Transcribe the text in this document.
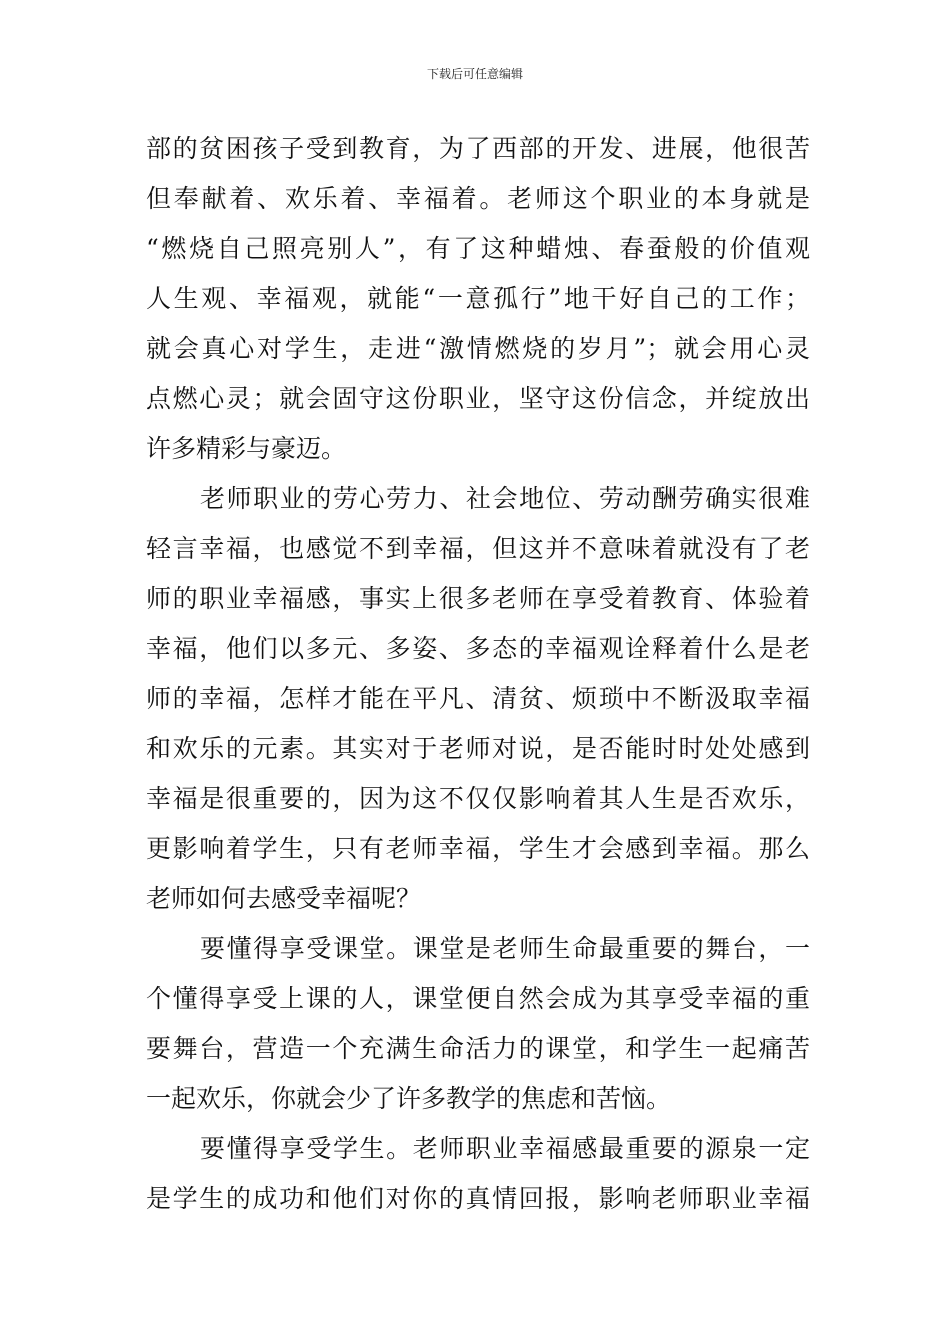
下载后可任意编辑
部的贫困孩子受到教育，为了西部的开发、进展，他很苦
但奉献着、欢乐着、幸福着。老师这个职业的本身就是
“燃烧自己照亮别人”，有了这种蜡烛、春蚕般的价值观
人生观、幸福观，就能“一意孤行”地干好自己的工作；
就会真心对学生，走进“激情燃烧的岁月”；就会用心灵
点燃心灵；就会固守这份职业，坚守这份信念，并绽放出
许多精彩与豪迈。
老师职业的劳心劳力、社会地位、劳动酬劳确实很难
轻言幸福，也感觉不到幸福，但这并不意味着就没有了老
师的职业幸福感，事实上很多老师在享受着教育、体验着
幸福，他们以多元、多姿、多态的幸福观诠释着什么是老
师的幸福，怎样才能在平凡、清贫、烦琐中不断汲取幸福
和欢乐的元素。其实对于老师对说，是否能时时处处感到
幸福是很重要的，因为这不仅仅影响着其人生是否欢乐，
更影响着学生，只有老师幸福，学生才会感到幸福。那么
老师如何去感受幸福呢？
要懂得享受课堂。课堂是老师生命最重要的舞台，一
个懂得享受上课的人，课堂便自然会成为其享受幸福的重
要舞台，营造一个充满生命活力的课堂，和学生一起痛苦
一起欢乐，你就会少了许多教学的焦虑和苦恼。
要懂得享受学生。老师职业幸福感最重要的源泉一定
是学生的成功和他们对你的真情回报，影响老师职业幸福
